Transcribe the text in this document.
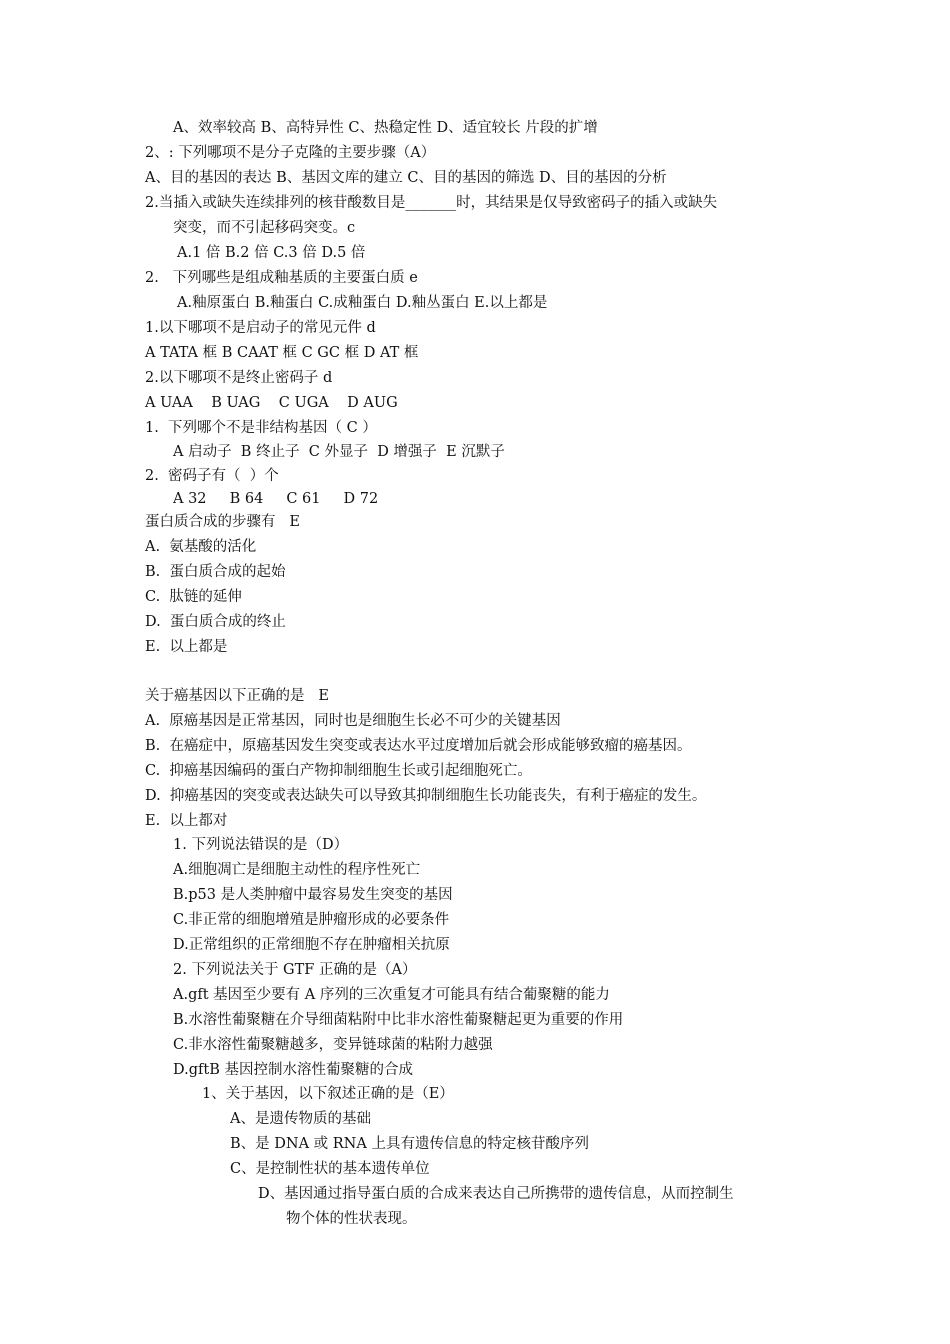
A、效率较高 B、高特异性 C、热稳定性 D、适宜较长 片段的扩增
2、: 下列哪项不是分子克隆的主要步骤（A）
A、目的基因的表达 B、基因文库的建立 C、目的基因的筛选 D、目的基因的分析
2.当插入或缺失连续排列的核苷酸数目是_______时，其结果是仅导致密码子的插入或缺失
突变，而不引起移码突变。c
A.1 倍 B.2 倍 C.3 倍 D.5 倍
2.   下列哪些是组成釉基质的主要蛋白质 e
A.釉原蛋白 B.釉蛋白 C.成釉蛋白 D.釉丛蛋白 E.以上都是
1.以下哪项不是启动子的常见元件 d
A TATA 框 B CAAT 框 C GC 框 D AT 框
2.以下哪项不是终止密码子 d
A UAA    B UAG    C UGA    D AUG
1.  下列哪个不是非结构基因（ C ）
A 启动子  B 终止子  C 外显子  D 增强子  E 沉默子
2.  密码子有（  ）个
A 32     B 64     C 61     D 72
蛋白质合成的步骤有   E
A.  氨基酸的活化
B.  蛋白质合成的起始
C.  肽链的延伸
D.  蛋白质合成的终止
E.  以上都是
关于癌基因以下正确的是   E
A.  原癌基因是正常基因，同时也是细胞生长必不可少的关键基因
B.  在癌症中，原癌基因发生突变或表达水平过度增加后就会形成能够致瘤的癌基因。
C.  抑癌基因编码的蛋白产物抑制细胞生长或引起细胞死亡。
D.  抑癌基因的突变或表达缺失可以导致其抑制细胞生长功能丧失，有利于癌症的发生。
E.  以上都对
1. 下列说法错误的是（D）
A.细胞凋亡是细胞主动性的程序性死亡
B.p53 是人类肿瘤中最容易发生突变的基因
C.非正常的细胞增殖是肿瘤形成的必要条件
D.正常组织的正常细胞不存在肿瘤相关抗原
2. 下列说法关于 GTF 正确的是（A）
A.gft 基因至少要有 A 序列的三次重复才可能具有结合葡聚糖的能力
B.水溶性葡聚糖在介导细菌粘附中比非水溶性葡聚糖起更为重要的作用
C.非水溶性葡聚糖越多，变异链球菌的粘附力越强
D.gftB 基因控制水溶性葡聚糖的合成
1、关于基因，以下叙述正确的是（E）
A、是遗传物质的基础
B、是 DNA 或 RNA 上具有遗传信息的特定核苷酸序列
C、是控制性状的基本遗传单位
D、基因通过指导蛋白质的合成来表达自己所携带的遗传信息，从而控制生
物个体的性状表现。
